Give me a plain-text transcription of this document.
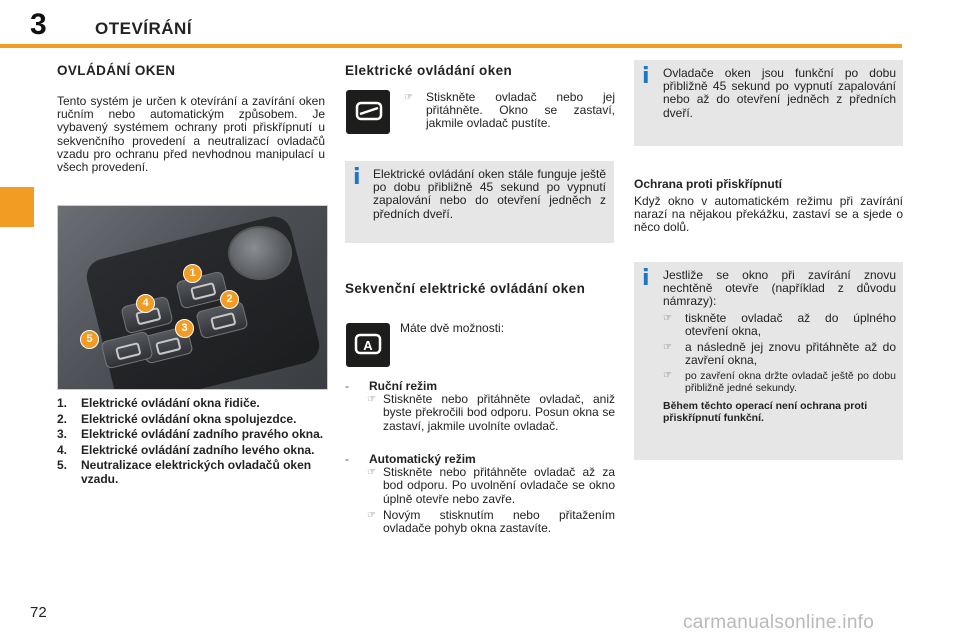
3	OTEVÍRÁNÍ
OVLÁDÁNÍ OKEN

Tento systém je určen k otevírání a zavírání oken ručním nebo automatickým způsobem. Je vybavený systémem ochrany proti přiskřípnutí u sekvenčního provedení a neutralizací ovladačů vzadu pro ochranu před nevhodnou manipulací u všech provedení.

1
2
3
4
5
1.	Elektrické ovládání okna řidiče.
2.	Elektrické ovládání okna spolujezdce.
3.	Elektrické ovládání zadního pravého okna.
4.	Elektrické ovládání zadního levého okna.
5.	Neutralizace elektrických ovladačů oken vzadu.
Elektrické ovládání oken
☞	Stiskněte ovladač nebo jej přitáhněte. Okno se zastaví, jakmile ovladač pustíte.
i Elektrické ovládání oken stále funguje ještě po dobu přibližně 45 sekund po vypnutí zapalování nebo do otevření jednĕch z předních dveří.

Sekvenční elektrické ovládání oken
A
Máte dvě možnosti:
-	Ruční režim
☞ Stiskněte nebo přitáhněte ovladač, aniž byste překročili bod odporu. Posun okna se zastaví, jakmile uvolníte ovladač.
-	Automatický režim
☞ Stiskněte nebo přitáhněte ovladač až za bod odporu. Po uvolnění ovladače se okno úplně otevře nebo zavře.
☞ Novým stisknutím nebo přitažením ovladače pohyb okna zastavíte.
i Ovladače oken jsou funkční po dobu přibližně 45 sekund po vypnutí zapalování nebo až do otevření jednĕch z předních dveří.

Ochrana proti přiskřípnutí

Když okno v automatickém režimu při zavírání narazí na nějakou překážku, zastaví se a sjede o něco dolů.

i Jestliže se okno při zavírání znovu nechtěně otevře (například z důvodu námrazy):

☞	tiskněte ovladač až do úplného otevření okna,
☞	a následně jej znovu přitáhněte až do zavření okna,
☞	po zavření okna držte ovladač ještě po dobu přibližně jedné sekundy.

Během těchto operací není ochrana proti přiskřípnutí funkční.

72	carmanualsonline.info
